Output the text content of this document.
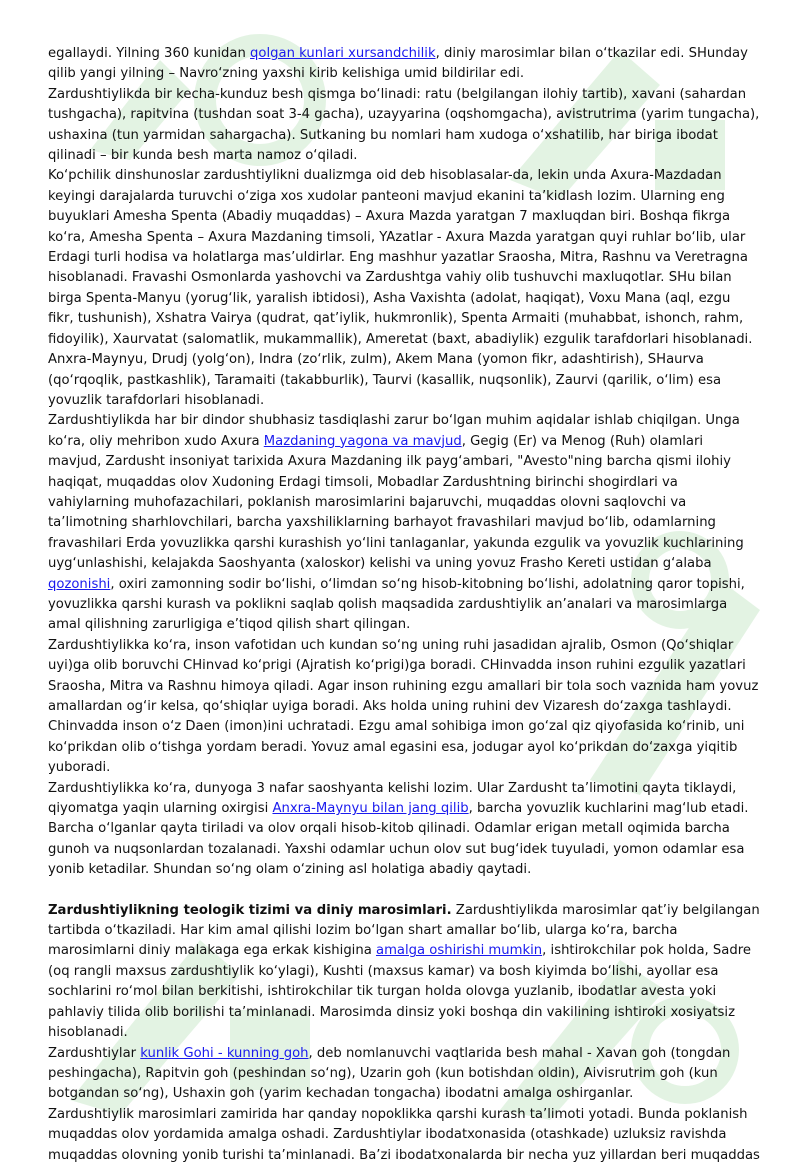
egallaydi. Yilning 360 kunidan qolgan kunlari xursandchilik, diniy marosimlar bilan o‘tkazilar edi. SHunday qilib yangi yilning – Navro‘zning yaxshi kirib kelishiga umid bildirilar edi.

Zardushtiylikda bir kecha-kunduz besh qismga bo‘linadi: ratu (belgilangan ilohiy tartib), xavani (sahardan tushgacha), rapitvina (tushdan soat 3-4 gacha), uzayyarina (oqshomgacha), avistrutrima (yarim tungacha), ushaxina (tun yarmidan sahargacha). Sutkaning bu nomlari ham xudoga o‘xshatilib, har biriga ibodat qilinadi – bir kunda besh marta namoz o‘qiladi.

Ko‘pchilik dinshunoslar zardushtiylikni dualizmga oid deb hisoblasalar-da, lekin unda Axura-Mazdadan keyingi darajalarda turuvchi o‘ziga xos xudolar panteoni mavjud ekanini ta’kidlash lozim. Ularning eng buyuklari Amesha Spenta (Abadiy muqaddas) – Axura Mazda yaratgan 7 maxluqdan biri. Boshqa fikrga ko‘ra, Amesha Spenta – Axura Mazdaning timsoli, YAzatlar - Axura Mazda yaratgan quyi ruhlar bo‘lib, ular Erdagi turli hodisa va holatlarga mas’uldirlar. Eng mashhur yazatlar Sraosha, Mitra, Rashnu va Veretragna hisoblanadi. Fravashi Osmonlarda yashovchi va Zardushtga vahiy olib tushuvchi maxluqotlar. SHu bilan birga Spenta-Manyu (yorug‘lik, yaralish ibtidosi), Asha Vaxishta (adolat, haqiqat), Voxu Mana (aql, ezgu fikr, tushunish), Xshatra Vairya (qudrat, qat’iylik, hukmronlik), Spenta Armaiti (muhabbat, ishonch, rahm, fidoyilik), Xaurvatat (salomatlik, mukammallik), Ameretat (baxt, abadiylik) ezgulik tarafdorlari hisoblanadi. Anxra-Maynyu, Drudj (yolg‘on), Indra (zo‘rlik, zulm), Akem Mana (yomon fikr, adashtirish), SHaurva (qo‘rqoqlik, pastkashlik), Taramaiti (takabburlik), Taurvi (kasallik, nuqsonlik), Zaurvi (qarilik, o‘lim) esa yovuzlik tarafdorlari hisoblanadi.

Zardushtiylikda har bir dindor shubhasiz tasdiqlashi zarur bo‘lgan muhim aqidalar ishlab chiqilgan. Unga ko‘ra, oliy mehribon xudo Axura Mazdaning yagona va mavjud, Gegig (Er) va Menog (Ruh) olamlari mavjud, Zardusht insoniyat tarixida Axura Mazdaning ilk payg‘ambari, "Avesto"ning barcha qismi ilohiy haqiqat, muqaddas olov Xudoning Erdagi timsoli, Mobadlar Zardushtning birinchi shogirdlari va vahiylarning muhofazachilari, poklanish marosimlarini bajaruvchi, muqaddas olovni saqlovchi va ta’limotning sharhlovchilari, barcha yaxshiliklarning barhayot fravashilari mavjud bo‘lib, odamlarning fravashilari Erda yovuzlikka qarshi kurashish yo‘lini tanlaganlar, yakunda ezgulik va yovuzlik kuchlarining uyg‘unlashishi, kelajakda Saoshyanta (xaloskor) kelishi va uning yovuz Frasho Kereti ustidan g‘alaba qozonishi, oxiri zamonning sodir bo‘lishi, o‘limdan so‘ng hisob-kitobning bo‘lishi, adolatning qaror topishi, yovuzlikka qarshi kurash va poklikni saqlab qolish maqsadida zardushtiylik an’analari va marosimlarga amal qilishning zarurligiga e’tiqod qilish shart qilingan.

Zardushtiylikka ko‘ra, inson vafotidan uch kundan so‘ng uning ruhi jasadidan ajralib, Osmon (Qo‘shiqlar uyi)ga olib boruvchi CHinvad ko‘prigi (Ajratish ko‘prigi)ga boradi. CHinvadda inson ruhini ezgulik yazatlari Sraosha, Mitra va Rashnu himoya qiladi. Agar inson ruhining ezgu amallari bir tola soch vaznida ham yovuz amallardan og‘ir kelsa, qo‘shiqlar uyiga boradi. Aks holda uning ruhini dev Vizaresh do‘zaxga tashlaydi. Chinvadda inson o‘z Daen (imon)ini uchratadi. Ezgu amal sohibiga imon go‘zal qiz qiyofasida ko‘rinib, uni ko‘prikdan olib o‘tishga yordam beradi. Yovuz amal egasini esa, jodugar ayol ko‘prikdan do‘zaxga yiqitib yuboradi.

Zardushtiylikka ko‘ra, dunyoga 3 nafar saoshyanta kelishi lozim. Ular Zardusht ta’limotini qayta tiklaydi, qiyomatga yaqin ularning oxirgisi Anxra-Maynyu bilan jang qilib, barcha yovuzlik kuchlarini mag‘lub etadi. Barcha o‘lganlar qayta tiriladi va olov orqali hisob-kitob qilinadi. Odamlar erigan metall oqimida barcha gunoh va nuqsonlardan tozalanadi. Yaxshi odamlar uchun olov sut bug‘idek tuyuladi, yomon odamlar esa yonib ketadilar. Shundan so‘ng olam o‘zining asl holatiga abadiy qaytadi.

Zardushtiylikning teologik tizimi va diniy marosimlari. Zardushtiylikda marosimlar qat’iy belgilangan tartibda o‘tkaziladi. Har kim amal qilishi lozim bo‘lgan shart amallar bo‘lib, ularga ko‘ra, barcha marosimlarni diniy malakaga ega erkak kishigina amalga oshirishi mumkin, ishtirokchilar pok holda, Sadre (oq rangli maxsus zardushtiylik ko‘ylagi), Kushti (maxsus kamar) va bosh kiyimda bo‘lishi, ayollar esa sochlarini ro‘mol bilan berkitishi, ishtirokchilar tik turgan holda olovga yuzlanib, ibodatlar avesta yoki pahlaviy tilida olib borilishi ta’minlanadi. Marosimda dinsiz yoki boshqa din vakilining ishtiroki xosiyatsiz hisoblanadi.

Zardushtiylar kunlik Gohi - kunning goh, deb nomlanuvchi vaqtlarida besh mahal - Xavan goh (tongdan peshingacha), Rapitvin goh (peshindan so‘ng), Uzarin goh (kun botishdan oldin), Aivisrutrim goh (kun botgandan so‘ng), Ushaxin goh (yarim kechadan tongacha) ibodatni amalga oshirganlar.

Zardushtiylik marosimlari zamirida har qanday nopoklikka qarshi kurash ta’limoti yotadi. Bunda poklanish muqaddas olov yordamida amalga oshadi. Zardushtiylar ibodatxonasida (otashkade) uzluksiz ravishda muqaddas olovning yonib turishi ta’minlanadi. Ba’zi ibodatxonalarda bir necha yuz yillardan beri muqaddas
